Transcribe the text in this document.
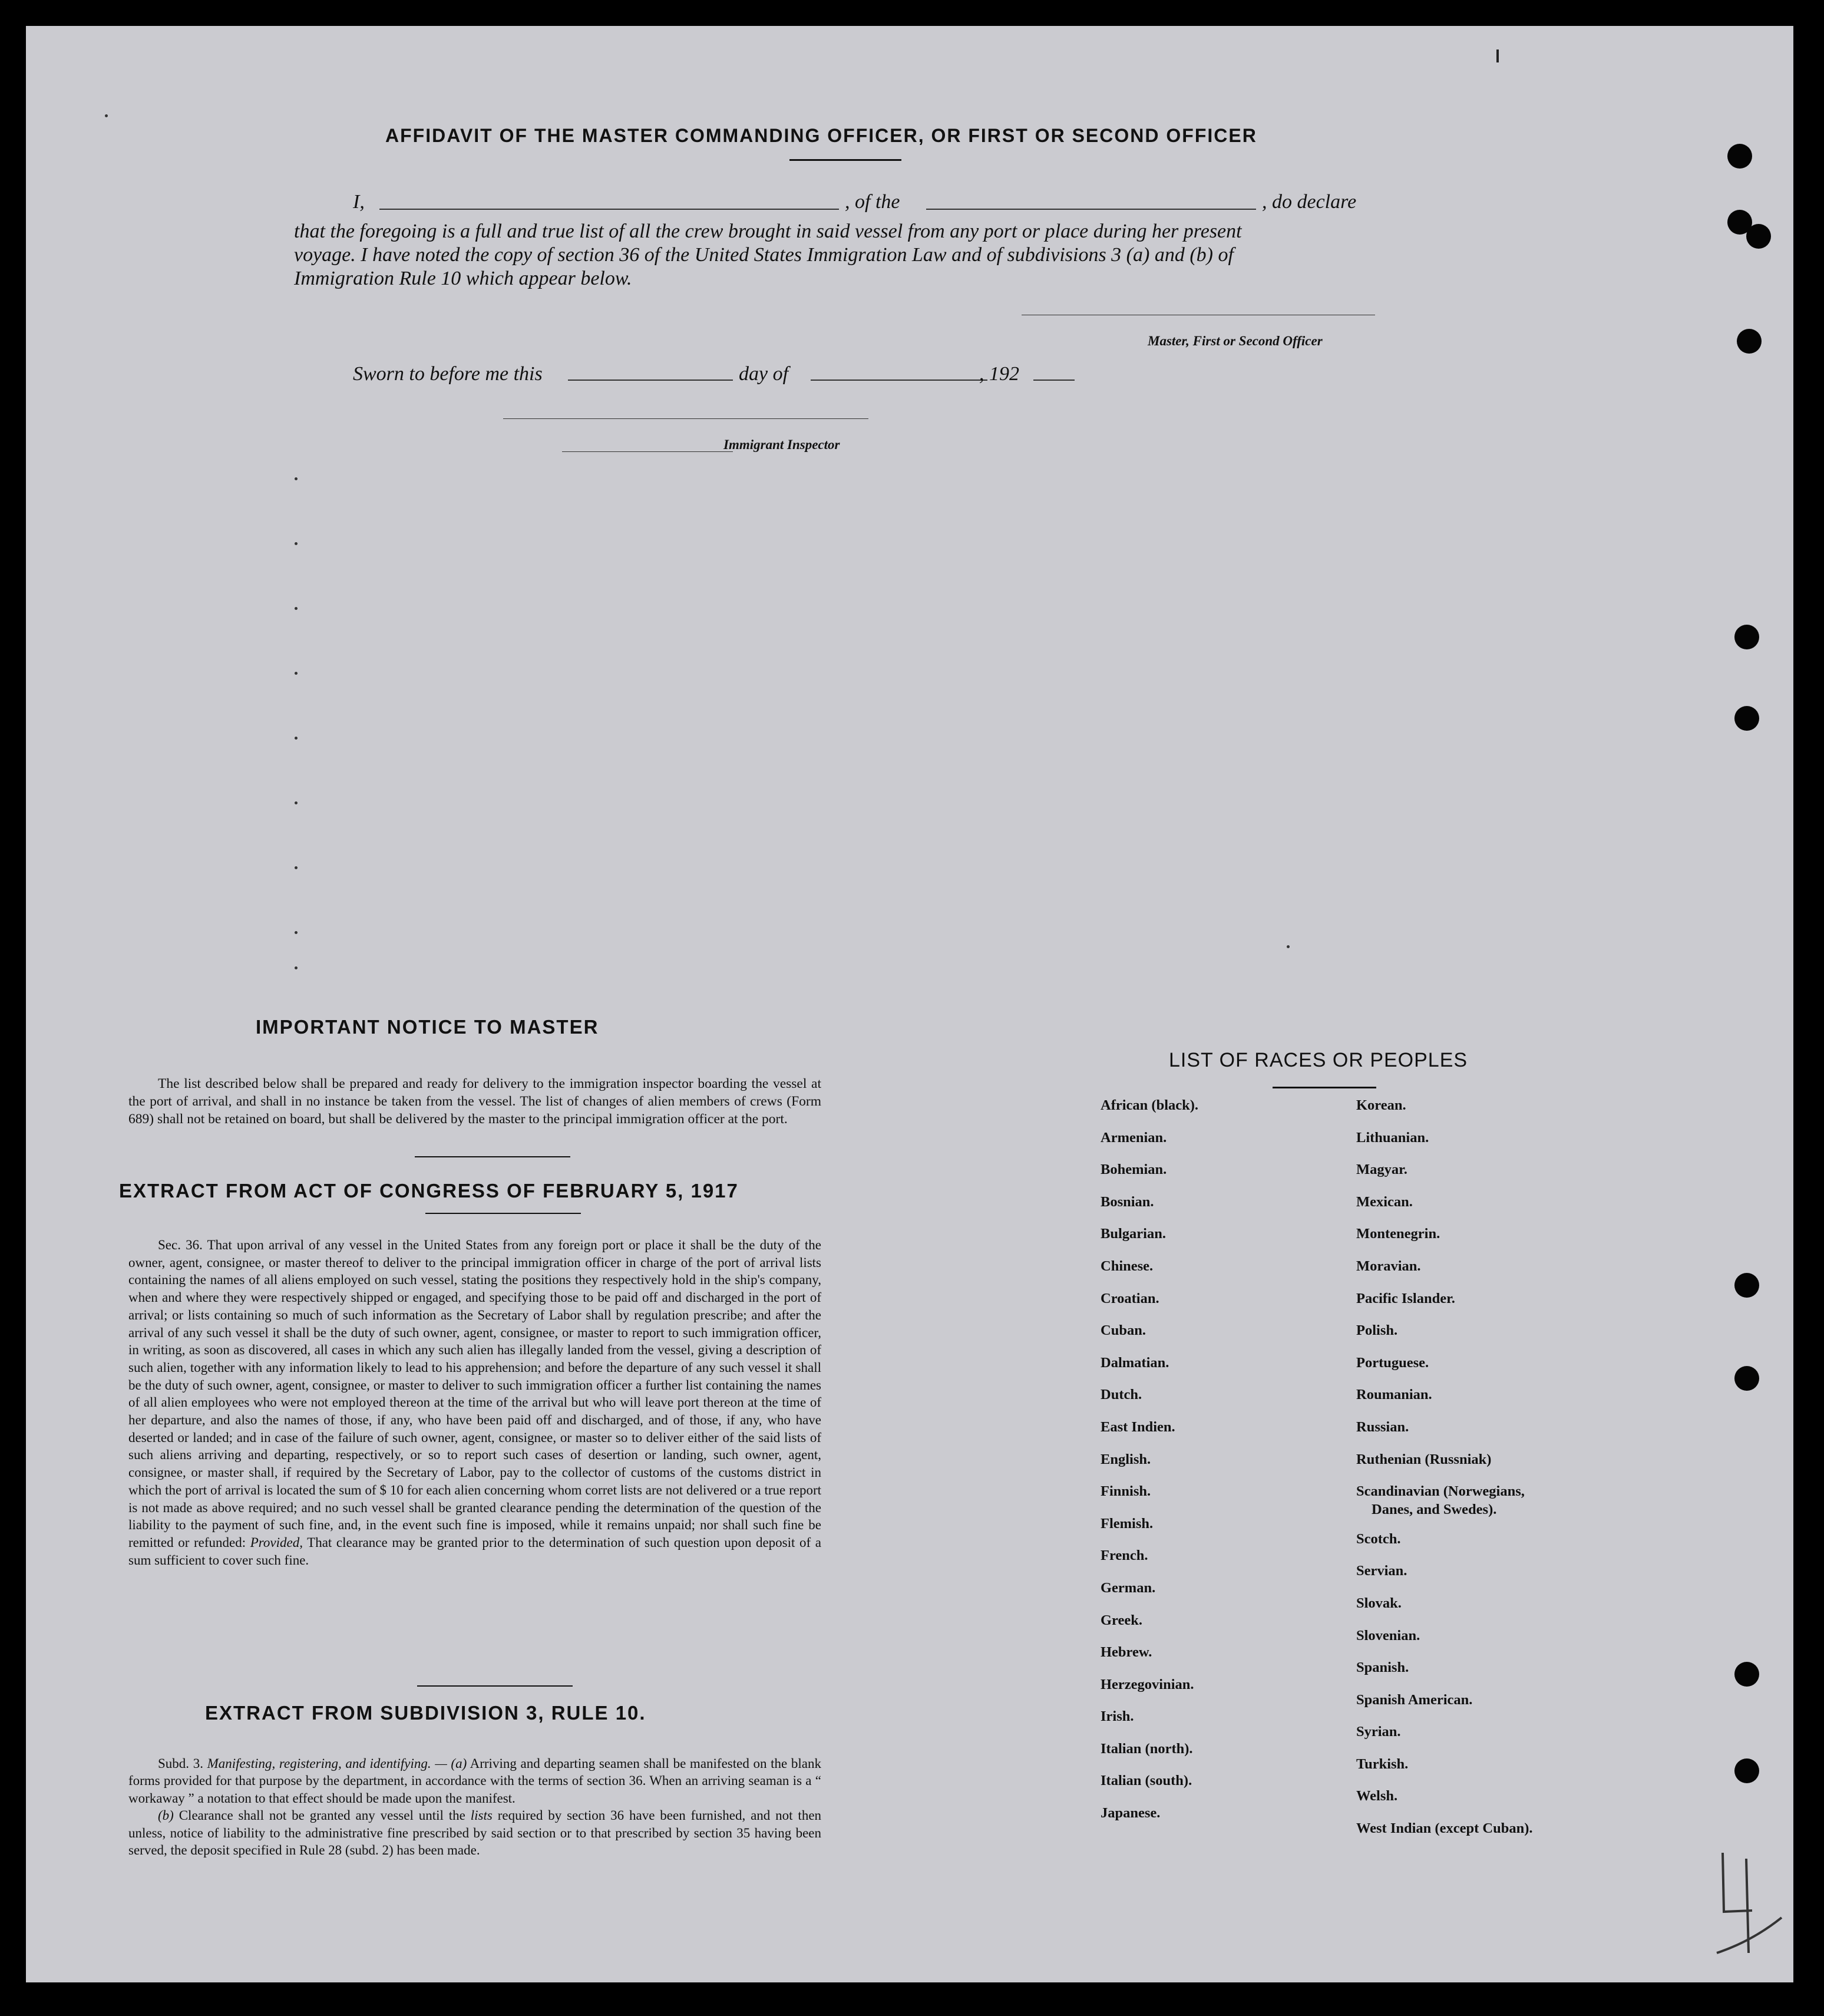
AFFIDAVIT OF THE MASTER COMMANDING OFFICER, OR FIRST OR SECOND OFFICER
I,	, of the	, do declare
that the foregoing is a full and true list of all the crew brought in said vessel from any port or place during her present
voyage. I have noted the copy of section 36 of the United States Immigration Law and of subdivisions 3 (a) and (b) of
Immigration Rule 10 which appear below.
Master, First or Second Officer
Sworn to before me this	day of	, 192
Immigrant Inspector
IMPORTANT NOTICE TO MASTER

The list described below shall be prepared and ready for delivery to the immigration inspector boarding the vessel at the port of arrival, and shall in no instance be taken from the vessel. The list of changes of alien members of crews (Form 689) shall not be retained on board, but shall be delivered by the master to the principal immigration officer at the port.

EXTRACT FROM ACT OF CONGRESS OF FEBRUARY 5, 1917

Sec. 36. That upon arrival of any vessel in the United States from any foreign port or place it shall be the duty of the owner, agent, consignee, or master thereof to deliver to the principal immigration officer in charge of the port of arrival lists containing the names of all aliens employed on such vessel, stating the positions they respectively hold in the ship's company, when and where they were respectively shipped or engaged, and specifying those to be paid off and discharged in the port of arrival; or lists containing so much of such information as the Secretary of Labor shall by regulation prescribe; and after the arrival of any such vessel it shall be the duty of such owner, agent, consignee, or master to report to such immigration officer, in writing, as soon as discovered, all cases in which any such alien has illegally landed from the vessel, giving a description of such alien, together with any information likely to lead to his apprehension; and before the departure of any such vessel it shall be the duty of such owner, agent, consignee, or master to deliver to such immigration officer a further list containing the names of all alien employees who were not employed thereon at the time of the arrival but who will leave port thereon at the time of her departure, and also the names of those, if any, who have been paid off and discharged, and of those, if any, who have deserted or landed; and in case of the failure of such owner, agent, consignee, or master so to deliver either of the said lists of such aliens arriving and departing, respectively, or so to report such cases of desertion or landing, such owner, agent, consignee, or master shall, if required by the Secretary of Labor, pay to the collector of customs of the customs district in which the port of arrival is located the sum of $ 10 for each alien concerning whom corret lists are not delivered or a true report is not made as above required; and no such vessel shall be granted clearance pending the determination of the question of the liability to the payment of such fine, and, in the event such fine is imposed, while it remains unpaid; nor shall such fine be remitted or refunded: Provided, That clearance may be granted prior to the determination of such question upon deposit of a sum sufficient to cover such fine.

EXTRACT FROM SUBDIVISION 3, RULE 10.

Subd. 3. Manifesting, registering, and identifying. — (a) Arriving and departing seamen shall be manifested on the blank forms provided for that purpose by the department, in accordance with the terms of section 36. When an arriving seaman is a “ workaway ” a notation to that effect should be made upon the manifest.

(b) Clearance shall not be granted any vessel until the lists required by section 36 have been furnished, and not then unless, notice of liability to the administrative fine prescribed by said section or to that prescribed by section 35 having been served, the deposit specified in Rule 28 (subd. 2) has been made.

LIST OF RACES OR PEOPLES
African (black).
Armenian.
Bohemian.
Bosnian.
Bulgarian.
Chinese.
Croatian.
Cuban.
Dalmatian.
Dutch.
East Indien.
English.
Finnish.
Flemish.
French.
German.
Greek.
Hebrew.
Herzegovinian.
Irish.
Italian (north).
Italian (south).
Japanese.
Korean.
Lithuanian.
Magyar.
Mexican.
Montenegrin.
Moravian.
Pacific Islander.
Polish.
Portuguese.
Roumanian.
Russian.
Ruthenian (Russniak)
Scandinavian (Norwegians,
Danes, and Swedes).
Scotch.
Servian.
Slovak.
Slovenian.
Spanish.
Spanish American.
Syrian.
Turkish.
Welsh.
West Indian (except Cuban).
